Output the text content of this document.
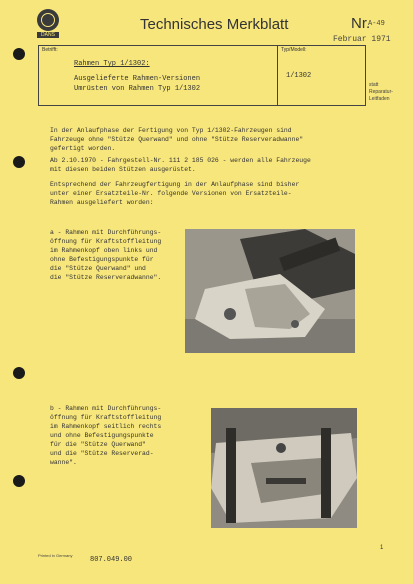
DANS
Technisches Merkblatt	Nr.
A-49
Februar 1971
Betrifft:	Typ/Modell:
Rahmen Typ 1/1302:
Ausgelieferte Rahmen-Versionen
Umrüsten von Rahmen Typ 1/1302
1/1302
statt
Reparatur-
Leitfaden

In der Anlaufphase der Fertigung von Typ 1/1302-Fahrzeugen sind
Fahrzeuge ohne "Stütze Querwand" und ohne "Stütze Reserveradwanne"
gefertigt worden.

Ab 2.10.1970 - Fahrgestell-Nr. 111 2 185 026 - werden alle Fahrzeuge
mit diesen beiden Stützen ausgerüstet.

Entsprechend der Fahrzeugfertigung in der Anlaufphase sind bisher
unter einer Ersatzteile-Nr. folgende Versionen von Ersatzteile-
Rahmen ausgeliefert worden:

a - Rahmen mit Durchführungs-
öffnung für Kraftstoffleitung
im Rahmenkopf oben links und
ohne Befestigungspunkte für
die "Stütze Querwand" und
die "Stütze Reserveradwanne".

b - Rahmen mit Durchführungs-
öffnung für Kraftstoffleitung
im Rahmenkopf seitlich rechts
und ohne Befestigungspunkte
für die "Stütze Querwand"
und die "Stütze Reserverad-
wanne".

1
Printed in Germany
807.049.00
